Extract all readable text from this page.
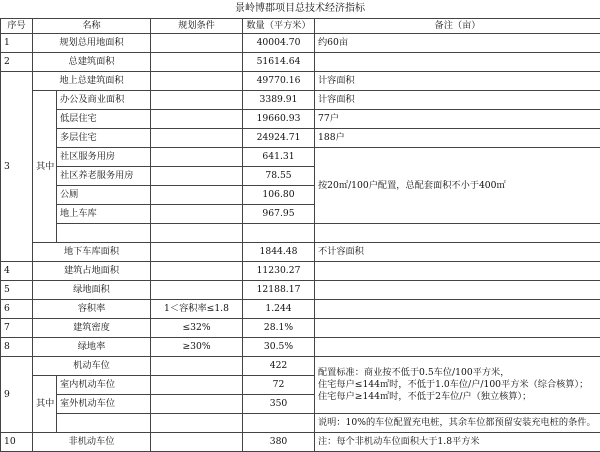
景岭博郡项目总技术经济指标
序号	名称		规划条件	数量（平方米）	备注（亩）
1	规划总用地面积			40004.70	约60亩
2	总建筑面积			51614.64	
3	地上总建筑面积			49770.16	计容面积
	其中	办公及商业面积		3389.91	计容面积
		低层住宅		19660.93	77户
		多层住宅		24924.71	188户
		社区服务用房		641.31	按20㎡/100户配置，总配套面积不小于400㎡
		社区养老服务用房		78.55	
		公厕		106.80	
		地上车库		967.95	

	地下车库面积			1844.48	不计容面积
4	建筑占地面积			11230.27	
5	绿地面积			12188.17	
6	容积率		1＜容积率≤1.8	1.244	
7	建筑密度		≤32%	28.1%	
8	绿地率		≥30%	30.5%	
9	机动车位			422	配置标准：商业按不低于0.5车位/100平方米，
住宅每户≤144㎡时，不低于1.0车位/户/100平方米（综合核算）；
住宅每户≥144㎡时，不低于2车位/户（独立核算）；
	其中	室内机动车位		72	
		室外机动车位		350	
					说明：10%的车位配置充电桩，其余车位都预留安装充电桩的条件。
10	非机动车位			380	注：每个非机动车位面积大于1.8平方米
